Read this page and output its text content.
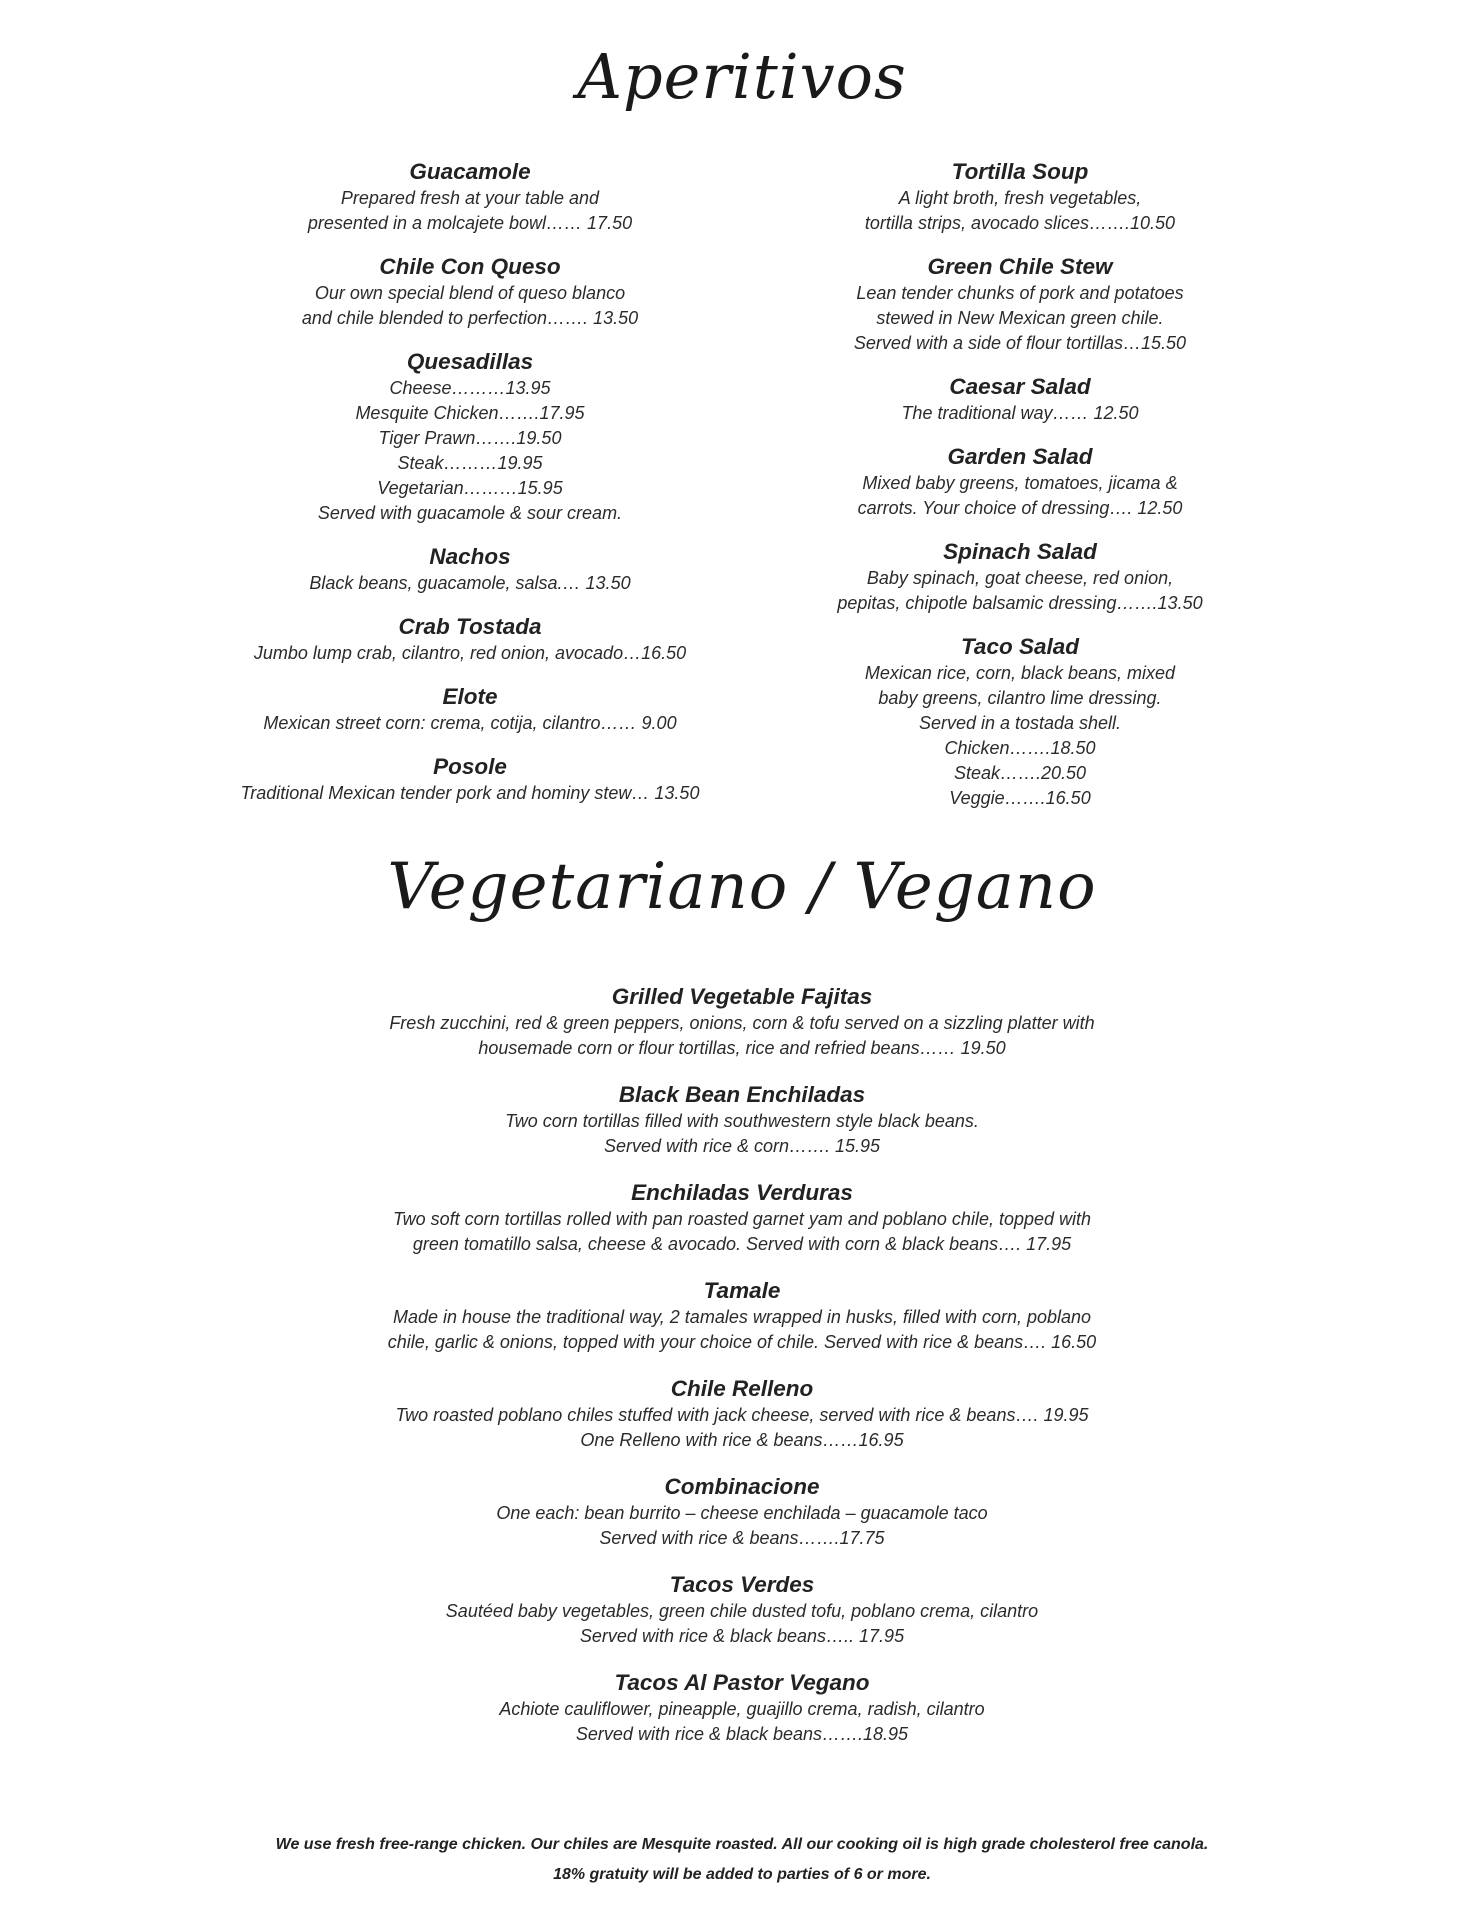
Aperitivos
Guacamole
Prepared fresh at your table and
presented in a molcajete bowl…… 17.50
Chile Con Queso
Our own special blend of queso blanco
and chile blended to perfection……. 13.50
Quesadillas
Cheese………13.95
Mesquite Chicken…….17.95
Tiger Prawn…….19.50
Steak………19.95
Vegetarian………15.95
Served with guacamole & sour cream.
Nachos
Black beans, guacamole, salsa.… 13.50
Crab Tostada
Jumbo lump crab, cilantro, red onion, avocado…16.50
Elote
Mexican street corn: crema, cotija, cilantro…… 9.00
Posole
Traditional Mexican tender pork and hominy stew… 13.50
Tortilla Soup
A light broth, fresh vegetables,
tortilla strips, avocado slices…….10.50
Green Chile Stew
Lean tender chunks of pork and potatoes
stewed in New Mexican green chile.
Served with a side of flour tortillas…15.50
Caesar Salad
The traditional way…… 12.50
Garden Salad
Mixed baby greens, tomatoes, jicama &
carrots. Your choice of dressing…. 12.50
Spinach Salad
Baby spinach, goat cheese, red onion,
pepitas, chipotle balsamic dressing…….13.50
Taco Salad
Mexican rice, corn, black beans, mixed
baby greens, cilantro lime dressing.
Served in a tostada shell.
Chicken…….18.50
Steak…….20.50
Veggie…….16.50
Vegetariano / Vegano
Grilled Vegetable Fajitas
Fresh zucchini, red & green peppers, onions, corn & tofu served on a sizzling platter with
housemade corn or flour tortillas, rice and refried beans…… 19.50
Black Bean Enchiladas
Two corn tortillas filled with southwestern style black beans.
Served with rice & corn……. 15.95
Enchiladas Verduras
Two soft corn tortillas rolled with pan roasted garnet yam and poblano chile, topped with
green tomatillo salsa, cheese & avocado. Served with corn & black beans…. 17.95
Tamale
Made in house the traditional way, 2 tamales wrapped in husks, filled with corn, poblano
chile, garlic & onions, topped with your choice of chile. Served with rice & beans…. 16.50
Chile Relleno
Two roasted poblano chiles stuffed with jack cheese, served with rice & beans…. 19.95
One Relleno with rice & beans……16.95
Combinacione
One each: bean burrito – cheese enchilada – guacamole taco
Served with rice & beans…….17.75
Tacos Verdes
Sautéed baby vegetables, green chile dusted tofu, poblano crema, cilantro
Served with rice & black beans….. 17.95
Tacos Al Pastor Vegano
Achiote cauliflower, pineapple, guajillo crema, radish, cilantro
Served with rice & black beans…….18.95
We use fresh free-range chicken. Our chiles are Mesquite roasted. All our cooking oil is high grade cholesterol free canola.
18% gratuity will be added to parties of 6 or more.
